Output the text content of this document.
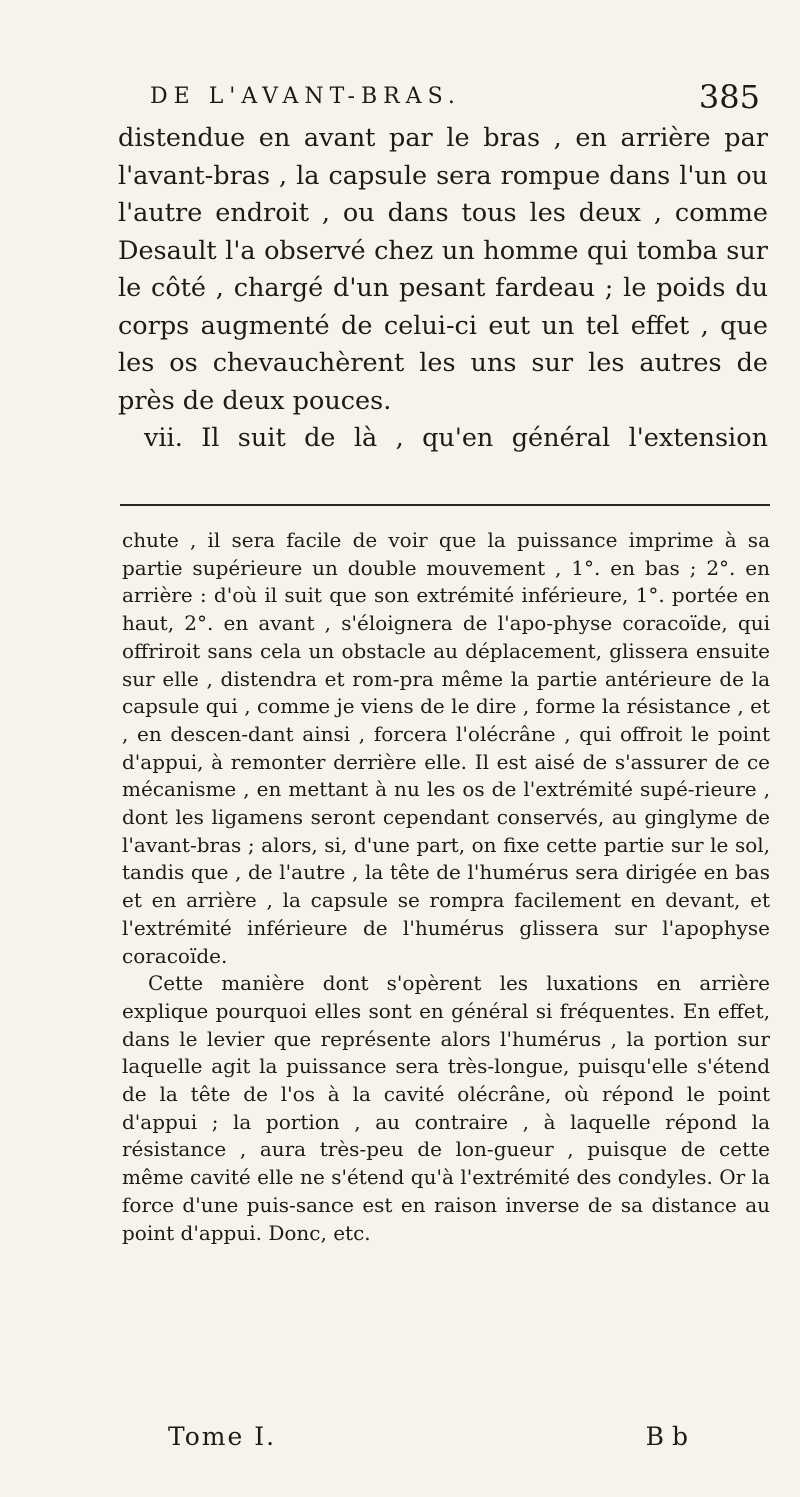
DE L'AVANT-BRAS.	385

distendue en avant par le bras , en arrière par

l'avant-bras , la capsule sera rompue dans l'un ou

l'autre endroit , ou dans tous les deux , comme

Desault l'a observé chez un homme qui tomba sur

le côté , chargé d'un pesant fardeau ; le poids du

corps augmenté de celui-ci eut un tel effet , que

les os chevauchèrent les uns sur les autres de

près de deux pouces.

vii. Il suit de là , qu'en général l'extension

chute , il sera facile de voir que la puissance imprime à sa partie supérieure un double mouvement , 1°. en bas ; 2°. en arrière : d'où il suit que son extrémité inférieure, 1°. portée en haut, 2°. en avant , s'éloignera de l'apo-physe coracoïde, qui offriroit sans cela un obstacle au déplacement, glissera ensuite sur elle , distendra et rom-pra même la partie antérieure de la capsule qui , comme je viens de le dire , forme la résistance , et , en descen-dant ainsi , forcera l'olécrâne , qui offroit le point d'appui, à remonter derrière elle. Il est aisé de s'assurer de ce mécanisme , en mettant à nu les os de l'extrémité supé-rieure , dont les ligamens seront cependant conservés, au ginglyme de l'avant-bras ; alors, si, d'une part, on fixe cette partie sur le sol, tandis que , de l'autre , la tête de l'humérus sera dirigée en bas et en arrière , la capsule se rompra facilement en devant, et l'extrémité inférieure de l'humérus glissera sur l'apophyse coracoïde.

Cette manière dont s'opèrent les luxations en arrière explique pourquoi elles sont en général si fréquentes. En effet, dans le levier que représente alors l'humérus , la portion sur laquelle agit la puissance sera très-longue, puisqu'elle s'étend de la tête de l'os à la cavité olécrâne, où répond le point d'appui ; la portion , au contraire , à laquelle répond la résistance , aura très-peu de lon-gueur , puisque de cette même cavité elle ne s'étend qu'à l'extrémité des condyles. Or la force d'une puis-sance est en raison inverse de sa distance au point d'appui. Donc, etc.

Tome I.	B b
